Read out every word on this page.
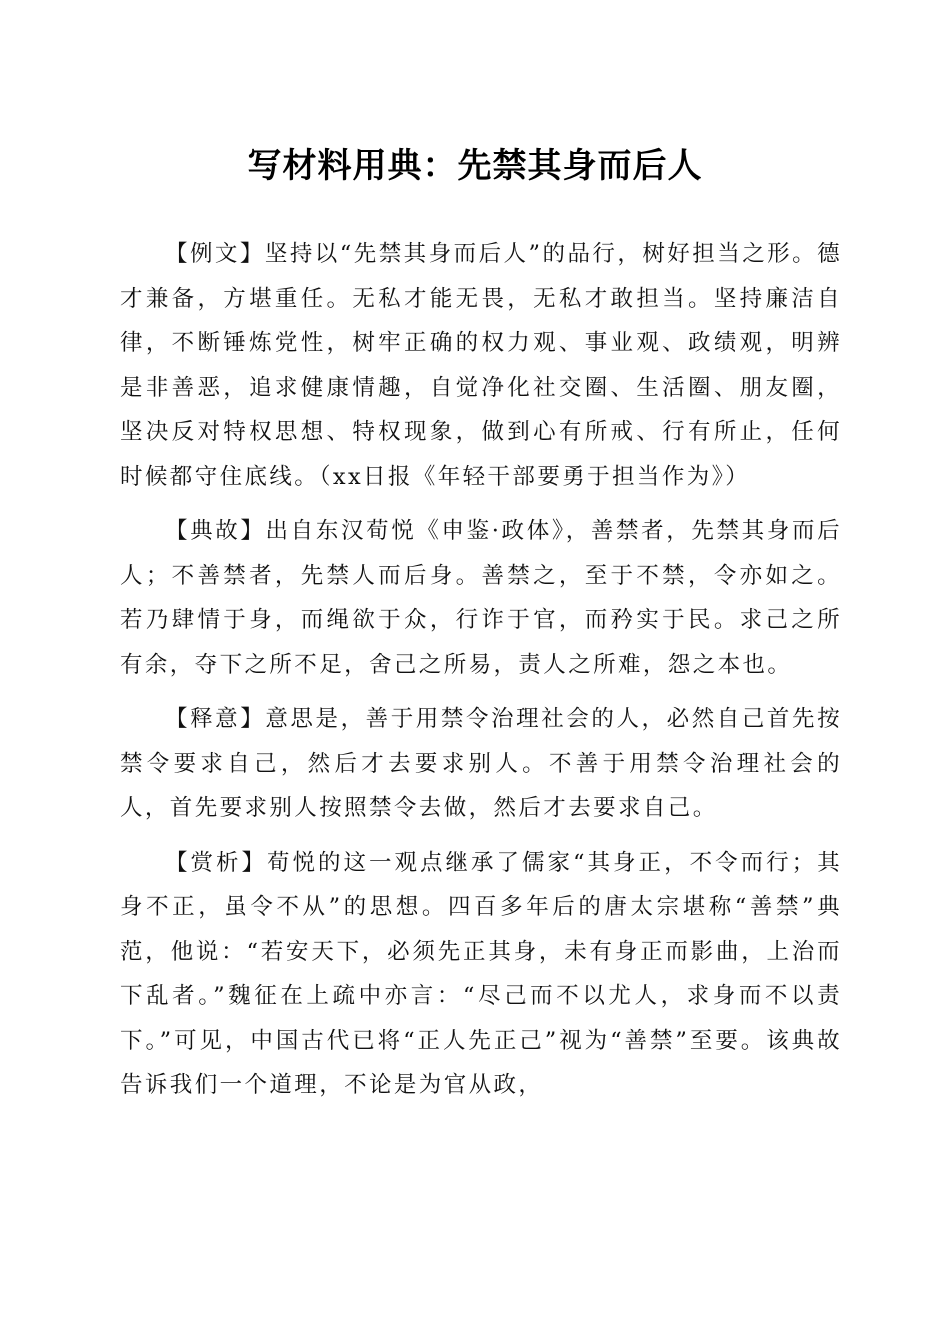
写材料用典：先禁其身而后人

【例文】坚持以“先禁其身而后人”的品行，树好担当之形。德才兼备，方堪重任。无私才能无畏，无私才敢担当。坚持廉洁自律，不断锤炼党性，树牢正确的权力观、事业观、政绩观，明辨是非善恶，追求健康情趣，自觉净化社交圈、生活圈、朋友圈，坚决反对特权思想、特权现象，做到心有所戒、行有所止，任何时候都守住底线。（xx日报《年轻干部要勇于担当作为》）

【典故】出自东汉荀悦《申鉴·政体》，善禁者，先禁其身而后人；不善禁者，先禁人而后身。善禁之，至于不禁，令亦如之。若乃肆情于身，而绳欲于众，行诈于官，而矜实于民。求己之所有余，夺下之所不足，舍己之所易，责人之所难，怨之本也。

【释意】意思是，善于用禁令治理社会的人，必然自己首先按禁令要求自己，然后才去要求别人。不善于用禁令治理社会的人，首先要求别人按照禁令去做，然后才去要求自己。

【赏析】荀悦的这一观点继承了儒家“其身正，不令而行；其身不正，虽令不从”的思想。四百多年后的唐太宗堪称“善禁”典范，他说：“若安天下，必须先正其身，未有身正而影曲，上治而下乱者。”魏征在上疏中亦言：“尽己而不以尤人，求身而不以责下。”可见，中国古代已将“正人先正己”视为“善禁”至要。该典故告诉我们一个道理，不论是为官从政，
